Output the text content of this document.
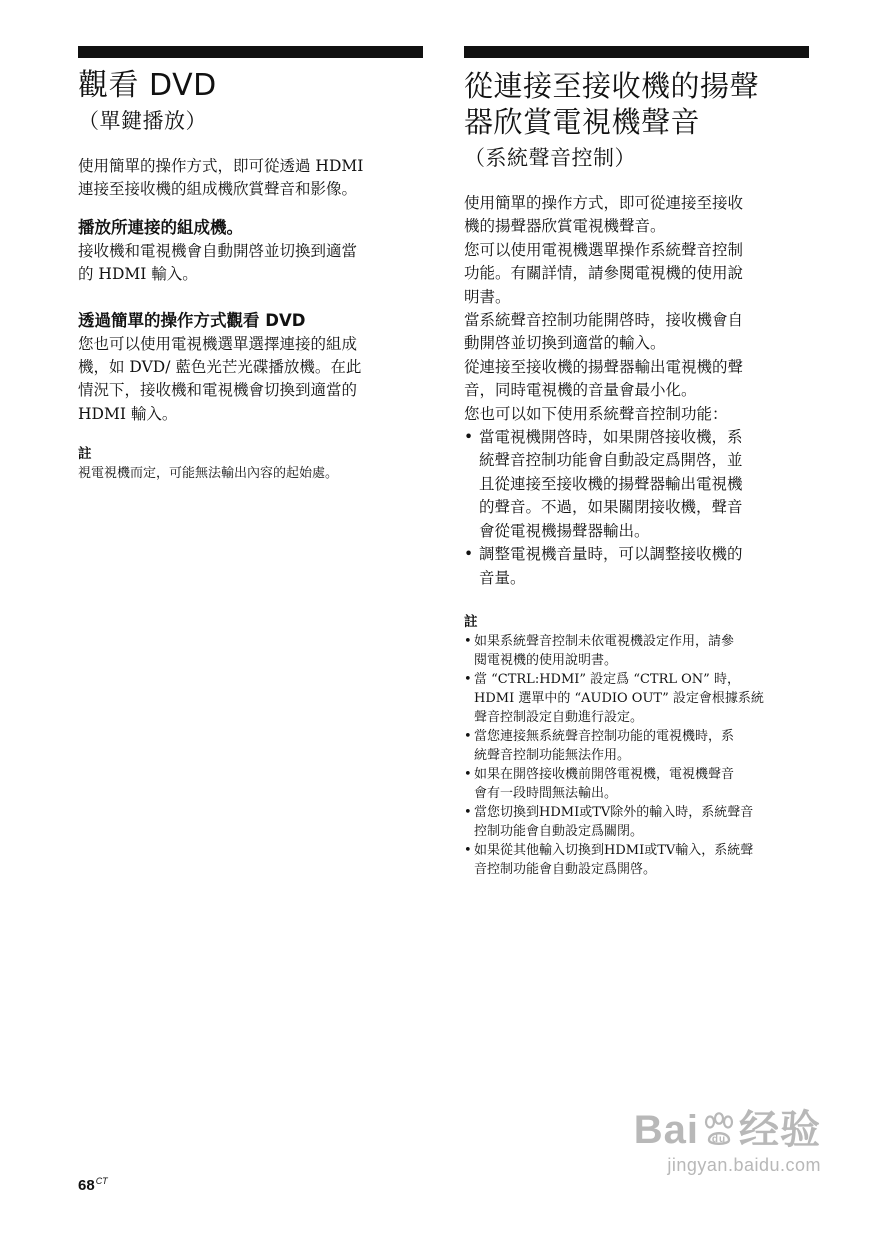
觀看 DVD
（單鍵播放）

使用簡單的操作方式，即可從透過 HDMI
連接至接收機的組成機欣賞聲音和影像。

播放所連接的組成機。

接收機和電視機會自動開啓並切換到適當
的 HDMI 輸入。

透過簡單的操作方式觀看 DVD

您也可以使用電視機選單選擇連接的組成
機，如 DVD/ 藍色光芒光碟播放機。在此
情況下，接收機和電視機會切換到適當的
HDMI 輸入。

註

視電視機而定，可能無法輸出內容的起始處。

從連接至接收機的揚聲
器欣賞電視機聲音
（系統聲音控制）

使用簡單的操作方式，即可從連接至接收
機的揚聲器欣賞電視機聲音。

您可以使用電視機選單操作系統聲音控制
功能。有關詳情，請參閱電視機的使用說
明書。

當系統聲音控制功能開啓時，接收機會自
動開啓並切換到適當的輸入。

從連接至接收機的揚聲器輸出電視機的聲
音，同時電視機的音量會最小化。

您也可以如下使用系統聲音控制功能：

• 當電視機開啓時，如果開啓接收機，系
統聲音控制功能會自動設定爲開啓，並
且從連接至接收機的揚聲器輸出電視機
的聲音。不過，如果關閉接收機，聲音
會從電視機揚聲器輸出。
• 調整電視機音量時，可以調整接收機的
音量。
註
• 如果系統聲音控制未依電視機設定作用，請參
閱電視機的使用說明書。
• 當 “CTRL:HDMI” 設定爲 “CTRL ON” 時，
HDMI 選單中的 “AUDIO OUT” 設定會根據系統
聲音控制設定自動進行設定。
• 當您連接無系統聲音控制功能的電視機時，系
統聲音控制功能無法作用。
• 如果在開啓接收機前開啓電視機，電視機聲音
會有一段時間無法輸出。
• 當您切換到HDMI或TV除外的輸入時，系統聲音
控制功能會自動設定爲關閉。
• 如果從其他輸入切換到HDMI或TV輸入，系統聲
音控制功能會自動設定爲開啓。
$68^{CT}$
Bai du 经验
jingyan.baidu.com
